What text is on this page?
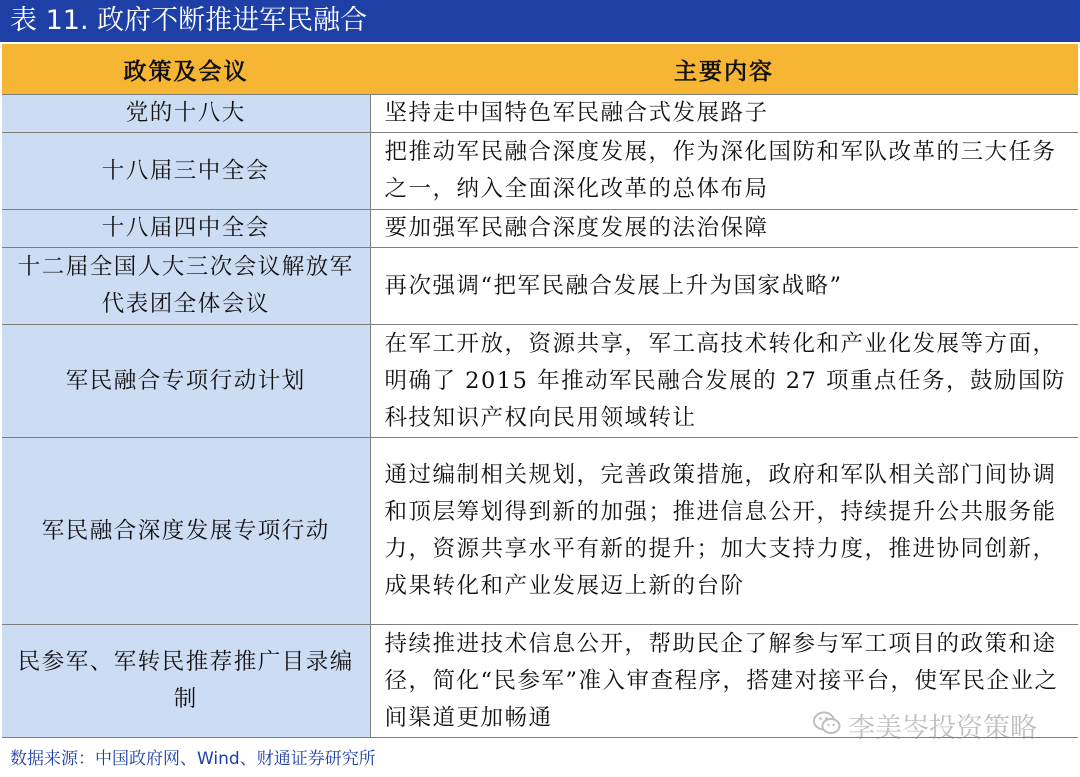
表 11. 政府不断推进军民融合
政策及会议	主要内容
党的十八大	坚持走中国特色军民融合式发展路子
十八届三中全会	把推动军民融合深度发展，作为深化国防和军队改革的三大任务之一，纳入全面深化改革的总体布局
十八届四中全会	要加强军民融合深度发展的法治保障
十二届全国人大三次会议解放军代表团全体会议	再次强调“把军民融合发展上升为国家战略”
军民融合专项行动计划	在军工开放，资源共享，军工高技术转化和产业化发展等方面，明确了 2015 年推动军民融合发展的 27 项重点任务，鼓励国防科技知识产权向民用领域转让
军民融合深度发展专项行动	通过编制相关规划，完善政策措施，政府和军队相关部门间协调和顶层筹划得到新的加强；推进信息公开，持续提升公共服务能力，资源共享水平有新的提升；加大支持力度，推进协同创新，成果转化和产业发展迈上新的台阶
民参军、军转民推荐推广目录编制	持续推进技术信息公开，帮助民企了解参与军工项目的政策和途径，简化“民参军”准入审查程序，搭建对接平台，使军民企业之间渠道更加畅通
数据来源：中国政府网、Wind、财通证券研究所
李美岑投资策略
